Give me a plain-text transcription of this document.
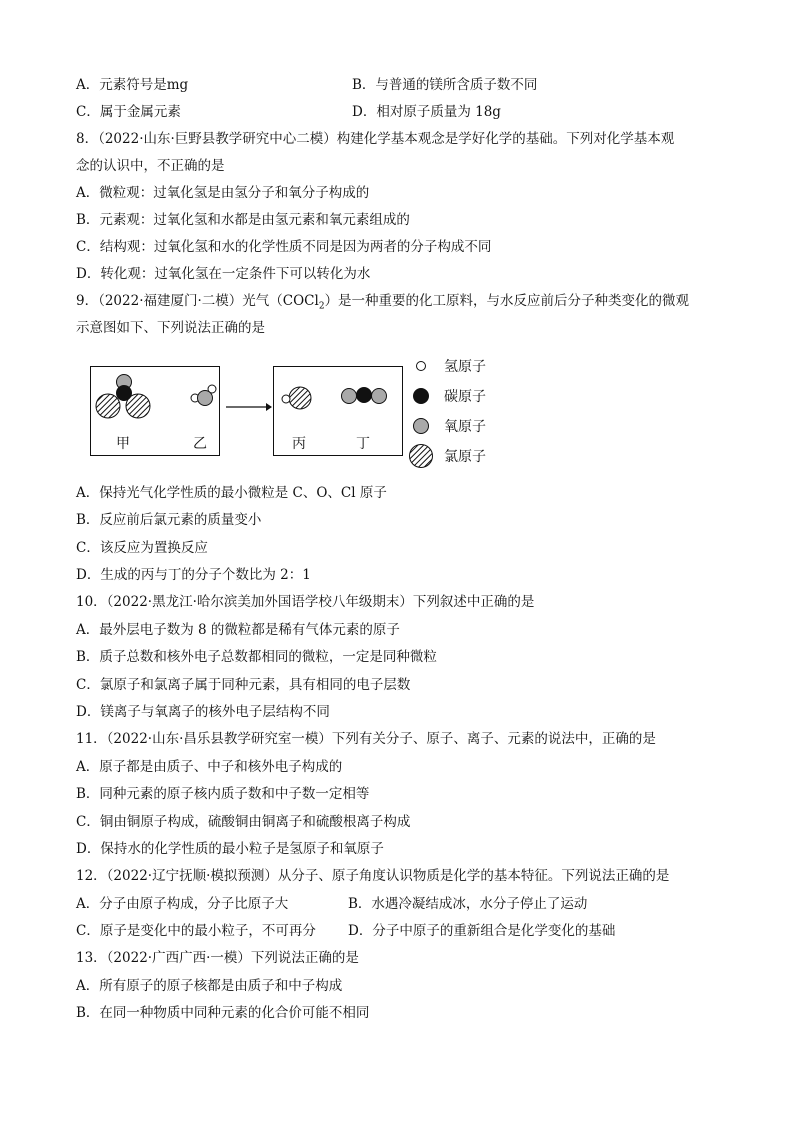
A．元素符号是mg	B．与普通的镁所含质子数不同
C．属于金属元素	D．相对原子质量为 18g
8．（2022·山东·巨野县教学研究中心二模）构建化学基本观念是学好化学的基础。下列对化学基本观
念的认识中，不正确的是
A．微粒观：过氧化氢是由氢分子和氧分子构成的
B．元素观：过氧化氢和水都是由氢元素和氧元素组成的
C．结构观：过氧化氢和水的化学性质不同是因为两者的分子构成不同
D．转化观：过氧化氢在一定条件下可以转化为水
9．（2022·福建厦门·二模）光气（COCl$_2$）是一种重要的化工原料，与水反应前后分子种类变化的微观
示意图如下、下列说法正确的是
甲	乙	丙	丁
氢原子
碳原子
氧原子
氯原子
A．保持光气化学性质的最小微粒是 C、O、Cl 原子
B．反应前后氯元素的质量变小
C．该反应为置换反应
D．生成的丙与丁的分子个数比为 2：1
10．（2022·黑龙江·哈尔滨美加外国语学校八年级期末）下列叙述中正确的是
A．最外层电子数为 8 的微粒都是稀有气体元素的原子
B．质子总数和核外电子总数都相同的微粒，一定是同种微粒
C．氯原子和氯离子属于同种元素，具有相同的电子层数
D．镁离子与氧离子的核外电子层结构不同
11．（2022·山东·昌乐县教学研究室一模）下列有关分子、原子、离子、元素的说法中，正确的是
A．原子都是由质子、中子和核外电子构成的
B．同种元素的原子核内质子数和中子数一定相等
C．铜由铜原子构成，硫酸铜由铜离子和硫酸根离子构成
D．保持水的化学性质的最小粒子是氢原子和氧原子
12．（2022·辽宁抚顺·模拟预测）从分子、原子角度认识物质是化学的基本特征。下列说法正确的是
A．分子由原子构成，分子比原子大	B．水遇冷凝结成冰，水分子停止了运动
C．原子是变化中的最小粒子，不可再分 D．分子中原子的重新组合是化学变化的基础
13．（2022·广西广西·一模）下列说法正确的是
A．所有原子的原子核都是由质子和中子构成
B．在同一种物质中同种元素的化合价可能不相同
